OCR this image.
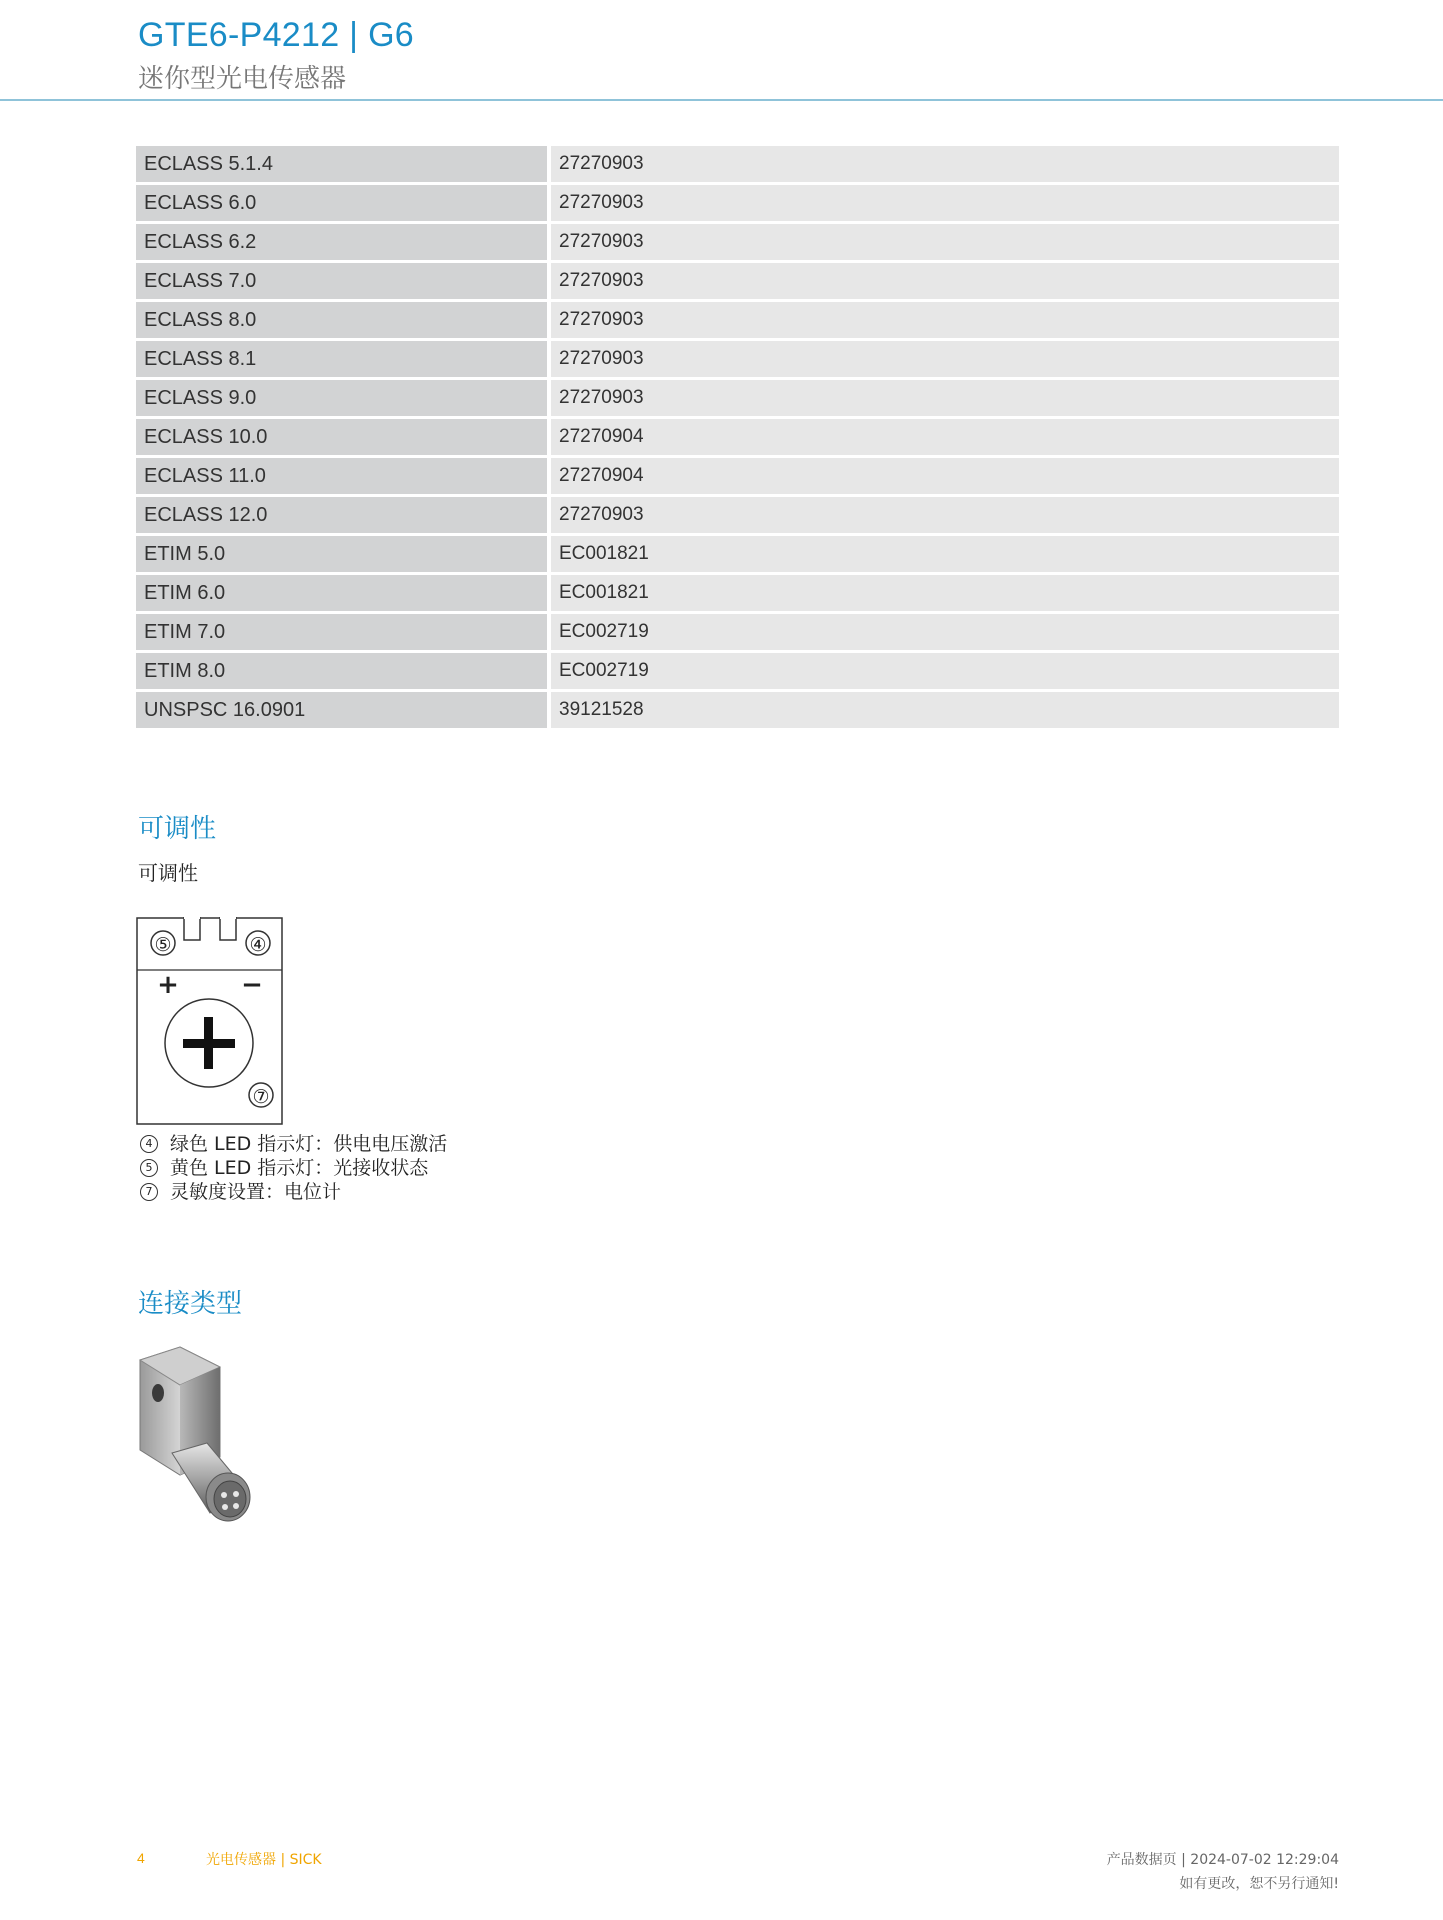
GTE6-P4212 | G6
迷你型光电传感器
ECLASS 5.1.4	27270903
ECLASS 6.0	27270903
ECLASS 6.2	27270903
ECLASS 7.0	27270903
ECLASS 8.0	27270903
ECLASS 8.1	27270903
ECLASS 9.0	27270903
ECLASS 10.0	27270904
ECLASS 11.0	27270904
ECLASS 12.0	27270903
ETIM 5.0	EC001821
ETIM 6.0	EC001821
ETIM 7.0	EC002719
ETIM 8.0	EC002719
UNSPSC 16.0901	39121528
可调性
可调性
⑤	④
+ −
⑦
4 绿色 LED 指示灯：供电电压激活
5 黄色 LED 指示灯：光接收状态
7 灵敏度设置：电位计
连接类型
4	光电传感器 | SICK	产品数据页 | 2024-07-02 12:29:04
如有更改，恕不另行通知!
